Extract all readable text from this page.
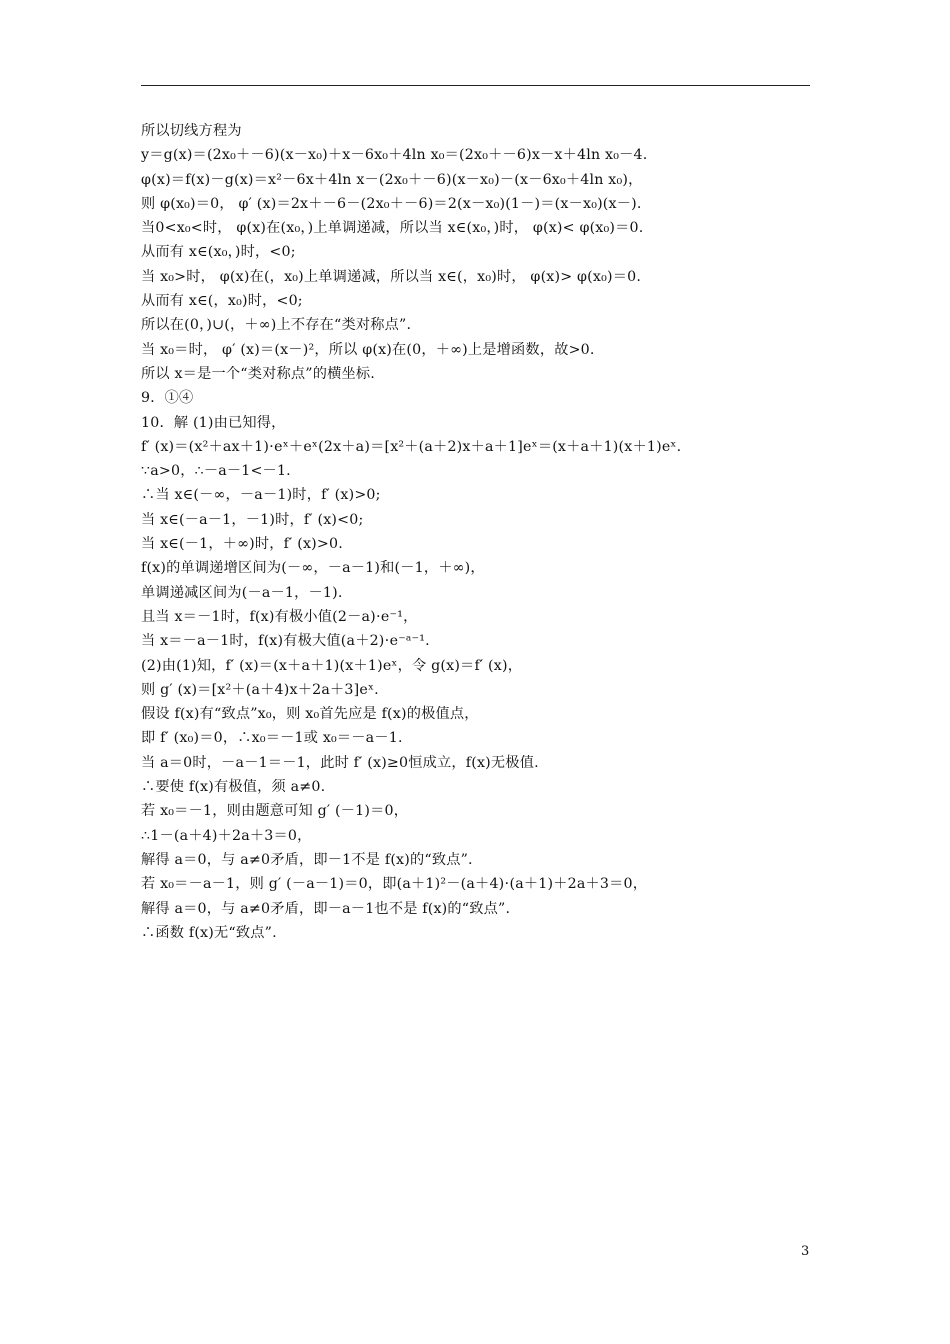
所以切线方程为
y＝g(x)＝(2x₀＋－6)(x－x₀)＋x－6x₀＋4ln x₀＝(2x₀＋－6)x－x＋4ln x₀－4.
φ(x)＝f(x)－g(x)＝x²－6x＋4ln x－(2x₀＋－6)(x－x₀)－(x－6x₀＋4ln x₀)，
则 φ(x₀)＝0， φ′ (x)＝2x＋－6－(2x₀＋－6)＝2(x－x₀)(1－)＝(x－x₀)(x－).
当0<x₀<时， φ(x)在(x₀，)上单调递减，所以当 x∈(x₀，)时， φ(x)< φ(x₀)＝0.
从而有 x∈(x₀，)时，<0;
当 x₀>时， φ(x)在(，x₀)上单调递减，所以当 x∈(，x₀)时， φ(x)> φ(x₀)＝0.
从而有 x∈(，x₀)时，<0;
所以在(0，)∪(，＋∞)上不存在“类对称点”.
当 x₀＝时， φ′ (x)＝(x－)²，所以 φ(x)在(0，＋∞)上是增函数，故>0.
所以 x＝是一个“类对称点”的横坐标.
9．①④
10．解 (1)由已知得，
f′ (x)＝(x²＋ax＋1)⋅eˣ＋eˣ(2x＋a)＝[x²＋(a＋2)x＋a＋1]eˣ＝(x＋a＋1)(x＋1)eˣ.
∵a>0，∴－a－1<－1.
∴当 x∈(－∞，－a－1)时，f′ (x)>0;
当 x∈(－a－1，－1)时，f′ (x)<0;
当 x∈(－1，＋∞)时，f′ (x)>0.
f(x)的单调递增区间为(－∞，－a－1)和(－1，＋∞)，
单调递减区间为(－a－1，－1).
且当 x＝－1时，f(x)有极小值(2－a)⋅e⁻¹，
当 x＝－a－1时，f(x)有极大值(a＋2)⋅e⁻ᵃ⁻¹.
(2)由(1)知，f′ (x)＝(x＋a＋1)(x＋1)eˣ，令 g(x)＝f′ (x)，
则 g′ (x)＝[x²＋(a＋4)x＋2a＋3]eˣ.
假设 f(x)有“致点”x₀，则 x₀首先应是 f(x)的极值点，
即 f′ (x₀)＝0，∴x₀＝－1或 x₀＝－a－1.
当 a＝0时，－a－1＝－1，此时 f′ (x)≥0恒成立，f(x)无极值.
∴要使 f(x)有极值，须 a≠0.
若 x₀＝－1，则由题意可知 g′ (－1)＝0，
∴1－(a＋4)＋2a＋3＝0，
解得 a＝0，与 a≠0矛盾，即－1不是 f(x)的“致点”.
若 x₀＝－a－1，则 g′ (－a－1)＝0，即(a＋1)²－(a＋4)⋅(a＋1)＋2a＋3＝0，
解得 a＝0，与 a≠0矛盾，即－a－1也不是 f(x)的“致点”.
∴函数 f(x)无“致点”.
3
